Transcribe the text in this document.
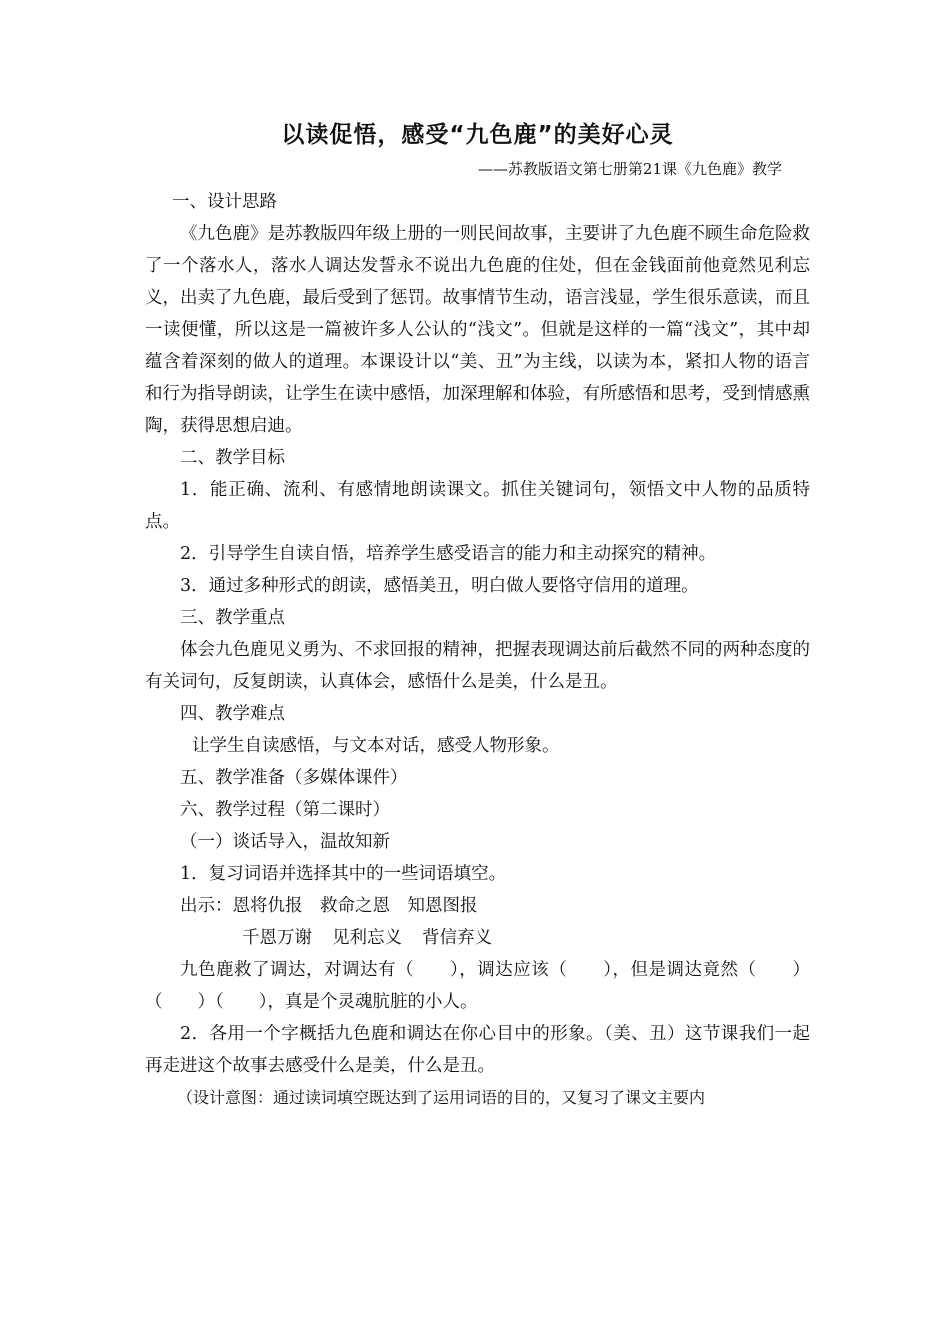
以读促悟，感受“九色鹿”的美好心灵
——苏教版语文第七册第21课《九色鹿》教学

一、设计思路

《九色鹿》是苏教版四年级上册的一则民间故事，主要讲了九色鹿不顾生命危险救了一个落水人，落水人调达发誓永不说出九色鹿的住处，但在金钱面前他竟然见利忘义，出卖了九色鹿，最后受到了惩罚。故事情节生动，语言浅显，学生很乐意读，而且一读便懂，所以这是一篇被许多人公认的“浅文”。但就是这样的一篇“浅文”，其中却蕴含着深刻的做人的道理。本课设计以“美、丑”为主线，以读为本，紧扣人物的语言和行为指导朗读，让学生在读中感悟，加深理解和体验，有所感悟和思考，受到情感熏陶，获得思想启迪。

二、教学目标

1．能正确、流利、有感情地朗读课文。抓住关键词句，领悟文中人物的品质特点。

2．引导学生自读自悟，培养学生感受语言的能力和主动探究的精神。

3．通过多种形式的朗读，感悟美丑，明白做人要恪守信用的道理。

三、教学重点

体会九色鹿见义勇为、不求回报的精神，把握表现调达前后截然不同的两种态度的有关词句，反复朗读，认真体会，感悟什么是美，什么是丑。

四、教学难点

让学生自读感悟，与文本对话，感受人物形象。

五、教学准备（多媒体课件）

六、教学过程（第二课时）

（一）谈话导入，温故知新

1．复习词语并选择其中的一些词语填空。

出示：恩将仇报　 救命之恩　 知恩图报

千恩万谢 见利忘义 背信弃义

九色鹿救了调达，对调达有（　　），调达应该（　　），但是调达竟然（　　）（　　）（　　），真是个灵魂肮脏的小人。

2．各用一个字概括九色鹿和调达在你心目中的形象。（美、丑）这节课我们一起再走进这个故事去感受什么是美，什么是丑。

（设计意图：通过读词填空既达到了运用词语的目的，又复习了课文主要内
